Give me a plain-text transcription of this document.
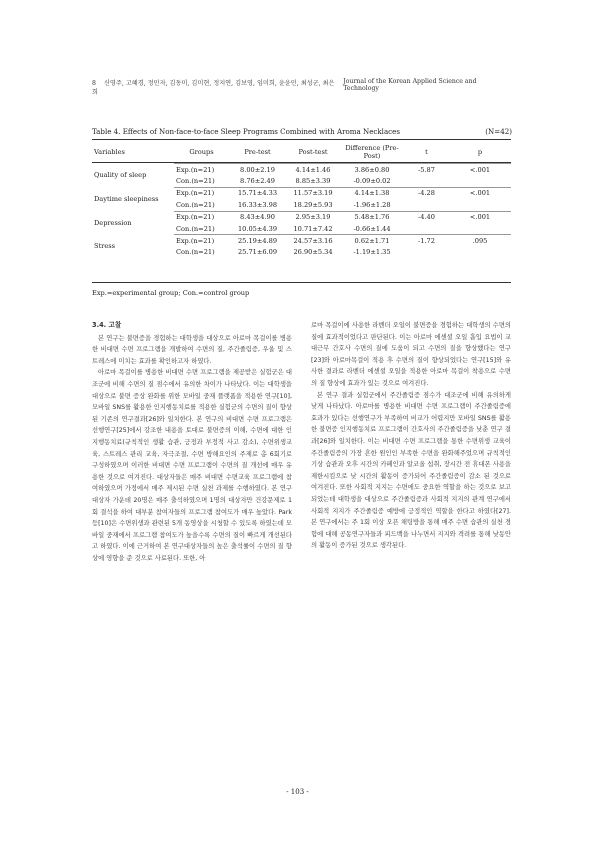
8 신영주, 고혜경, 정민자, 김동미, 김미현, 정지연, 김보영, 임미희, 윤윤민, 최성군, 최은희
Journal of the Korean Applied Science and Technology
Table 4. Effects of Non-face-to-face Sleep Programs Combined with Aroma Necklaces	(N=42)
Variables	Groups	Pre-test	Post-test	Difference (Pre-Post)	t	p
Quality of sleep	Exp.(n=21)	8.00±2.19	4.14±1.46	3.86±0.80	-5.87	<.001
	Con.(n=21)	8.76±2.49	8.85±3.39	-0.09±0.02		
Daytime sleepiness	Exp.(n=21)	15.71±4.33	11.57±3.19	4.14±1.38	-4.28	<.001
	Con.(n=21)	16.33±3.98	18.29±5.93	-1.96±1.28		
Depression	Exp.(n=21)	8.43±4.90	2.95±3.19	5.48±1.76	-4.40	<.001
	Con.(n=21)	10.05±4.39	10.71±7.42	-0.66±1.44		
Stress	Exp.(n=21)	25.19±4.89	24.57±3.16	0.62±1.71	-1.72	.095
	Con.(n=21)	25.71±6.09	26.90±5.34	-1.19±1.35		
Exp.=experimental group; Con.=control group
3.4. 고찰

본 연구는 불면증을 경험하는 대학생을 대상으로 아로마 목걸이를 병용한 비대면 수면 프로그램을 개발하여 수면의 질, 주간졸림증, 우울 및 스트레스에 미치는 효과를 확인하고자 하였다.

아로마 목걸이를 병용한 비대면 수면 프로그램을 제공받은 실험군은 대조군에 비해 수면의 질 점수에서 유의한 차이가 나타났다. 이는 대학생을 대상으로 불면 증상 완화를 위한 모바일 중재 플랫폼을 적용한 연구[10], 모바일 SNS를 활용한 인지행동치료를 적용한 실험군의 수면의 질이 향상된 기존의 연구결과[26]와 일치한다. 본 연구의 비대면 수면 프로그램은 선행연구[25]에서 강조한 내용을 토대로 불면증의 이해, 수면에 대한 인지행동치료(규칙적인 생활 습관, 긍정과 부정적 사고 감소), 수면위생교육, 스트레스 관리 교육, 자극조절, 수면 방해요인의 주제로 총 6회기로 구성하였으며 이러한 비대면 수면 프로그램이 수면의 질 개선에 매우 유용한 것으로 여겨진다. 대상자들은 매주 비대면 수면교육 프로그램에 참여하였으며 가정에서 매주 제시된 수면 실천 과제를 수행하였다. 본 연구 대상자 가운데 20명은 매주 출석하였으며 1명의 대상자만 건강문제로 1회 결석을 하여 대부분 참여자들의 프로그램 참여도가 매우 높았다. Park 등[10]은 수면위생과 관련된 5개 동영상을 시청할 수 있도록 하였는데 모바일 중재에서 프로그램 참여도가 높을수록 수면의 질이 빠르게 개선된다고 하였다. 이에 근거하여 본 연구대상자들의 높은 출석률이 수면의 질 향상에 영향을 준 것으로 사료된다. 또한, 아

로마 목걸이에 사용한 라벤더 오일이 불면증을 경험하는 대학생의 수면의 질에 효과적이었다고 판단된다. 이는 아로마 에센셜 오일 흡입 요법이 교대근무 간호사 수면의 질에 도움이 되고 수면의 질을 향상했다는 연구[23]와 아로마목걸이 적용 후 수면의 질이 향상되었다는 연구[15]와 유사한 결과로 라벤더 에센셜 오일을 적용한 아로마 목걸이 착용으로 수면의 질 향상에 효과가 있는 것으로 여겨진다.

본 연구 결과 실험군에서 주간졸림증 점수가 대조군에 비해 유의하게 낮게 나타났다. 아로마를 병용한 비대면 수면 프로그램이 주간졸림증에 효과가 있다는 선행연구가 부족하여 비교가 어렵지만 모바일 SNS를 활용한 불면증 인지행동치료 프로그램이 간호사의 주간졸림증을 낮춘 연구 결과[26]와 일치한다. 이는 비대면 수면 프로그램을 통한 수면위생 교육이 주간졸림증의 가장 흔한 원인인 부족한 수면을 완화해주었으며 규칙적인 기상 습관과 오후 시간의 카페인과 알코올 섭취, 장시간 전 휴대폰 사용을 제한시킴으로 낮 시간의 활동이 증가되어 주간졸림증이 감소 된 것으로 여겨진다. 또한 사회적 지지는 수면에도 중요한 역할을 하는 것으로 보고되었는데 대학생을 대상으로 주간졸림증과 사회적 지지의 관계 연구에서 사회적 지지가 주간졸림증 예방에 긍정적인 역할을 한다고 하였다[27]. 본 연구에서는 주 1회 이상 오픈 채팅방을 통해 매주 수면 습관의 실천 경험에 대해 공동연구자들과 피드백을 나누면서 지지와 격려를 통해 낮동안의 활동이 증가된 것으로 생각된다.

- 103 -
